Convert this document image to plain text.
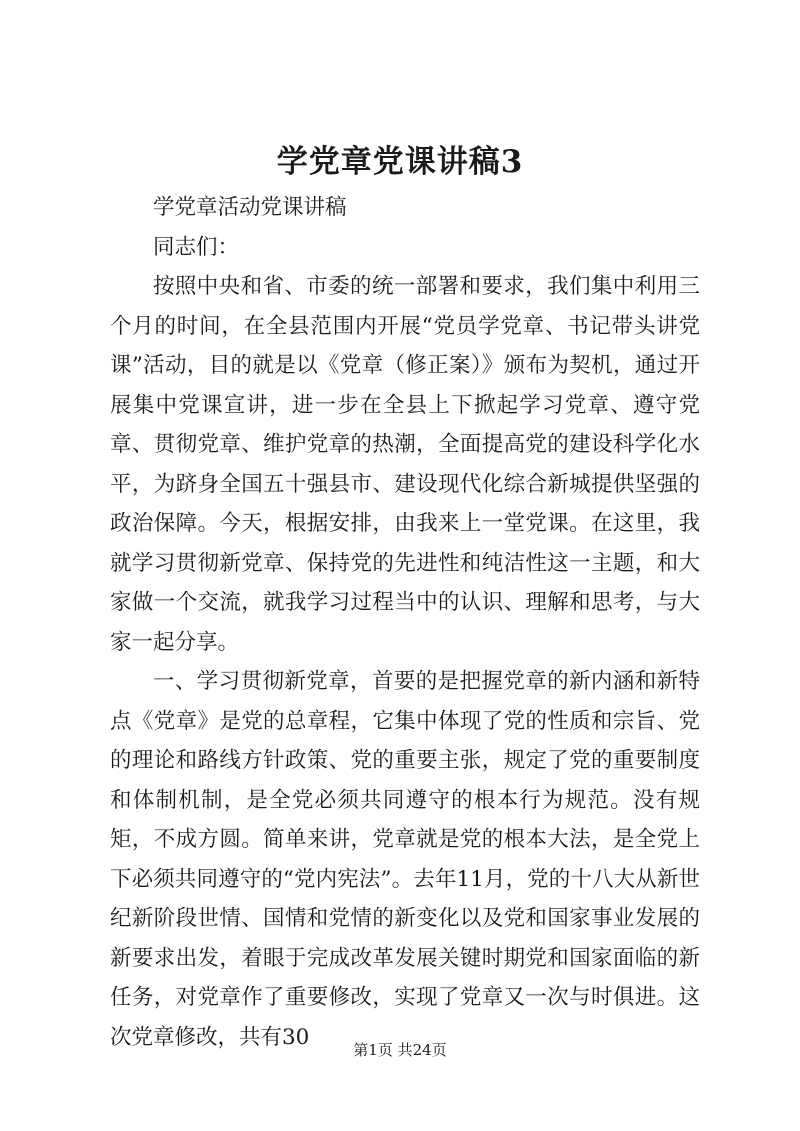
学党章党课讲稿3

学党章活动党课讲稿

同志们：

按照中央和省、市委的统一部署和要求，我们集中利用三个月的时间，在全县范围内开展“党员学党章、书记带头讲党课”活动，目的就是以《党章（修正案）》颁布为契机，通过开展集中党课宣讲，进一步在全县上下掀起学习党章、遵守党章、贯彻党章、维护党章的热潮，全面提高党的建设科学化水平，为跻身全国五十强县市、建设现代化综合新城提供坚强的政治保障。今天，根据安排，由我来上一堂党课。在这里，我就学习贯彻新党章、保持党的先进性和纯洁性这一主题，和大家做一个交流，就我学习过程当中的认识、理解和思考，与大家一起分享。

一、学习贯彻新党章，首要的是把握党章的新内涵和新特点《党章》是党的总章程，它集中体现了党的性质和宗旨、党的理论和路线方针政策、党的重要主张，规定了党的重要制度和体制机制，是全党必须共同遵守的根本行为规范。没有规矩，不成方圆。简单来讲，党章就是党的根本大法，是全党上下必须共同遵守的“党内宪法”。去年11月，党的十八大从新世纪新阶段世情、国情和党情的新变化以及党和国家事业发展的新要求出发，着眼于完成改革发展关键时期党和国家面临的新任务，对党章作了重要修改，实现了党章又一次与时俱进。这次党章修改，共有30

第1页 共24页
